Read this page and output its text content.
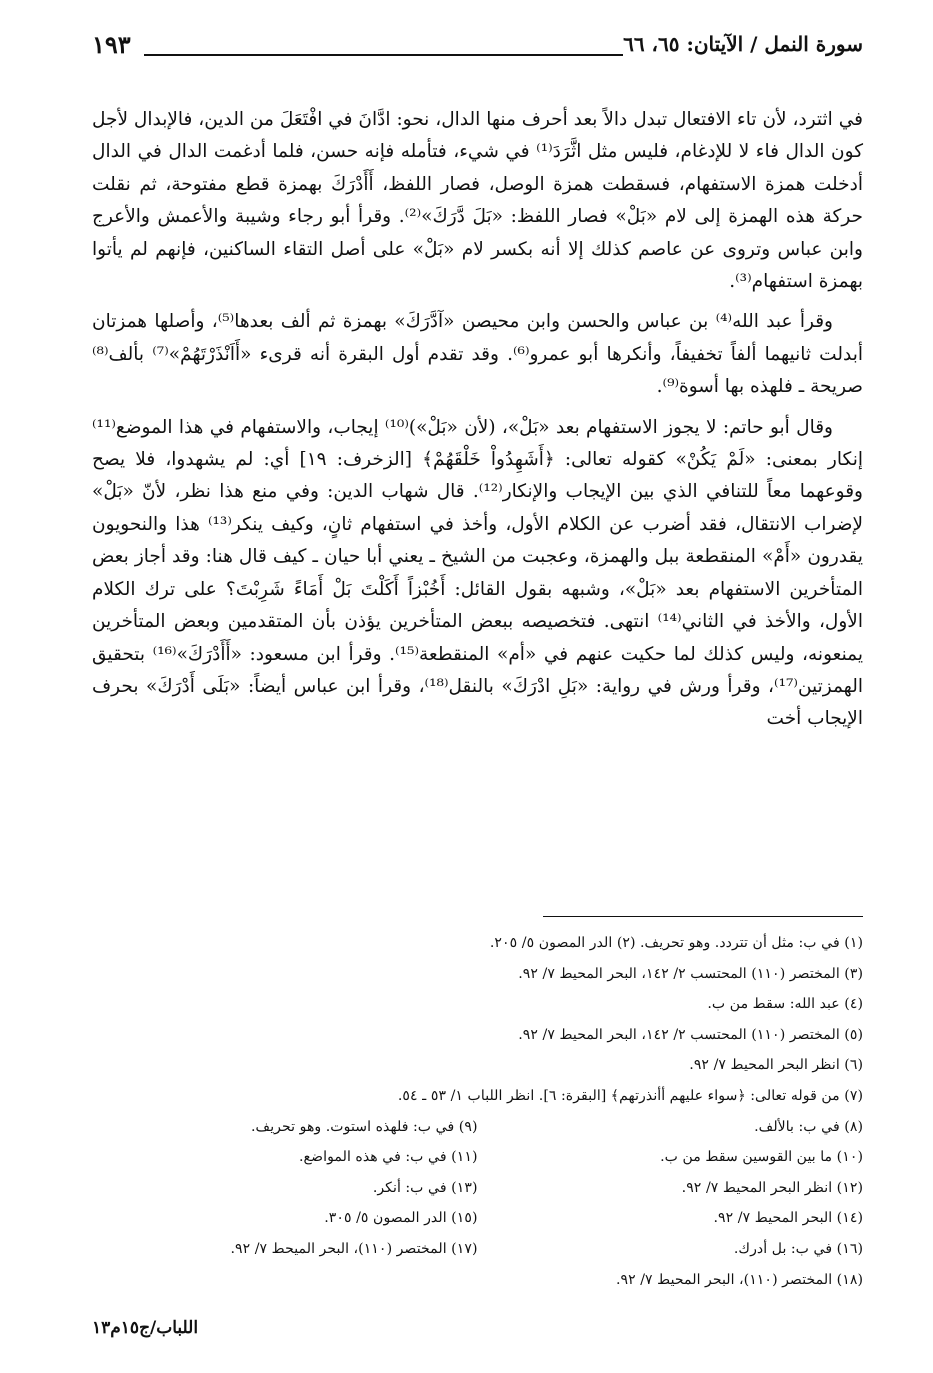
١٩٣	سورة النمل / الآيتان: ٦٥، ٦٦

في اثترد، لأن تاء الافتعال تبدل دالاً بعد أحرف منها الدال، نحو: ادَّانَ في افْتَعَلَ من الدين، فالإبدال لأجل كون الدال فاء لا للإدغام، فليس مثل اثَّرَدَ⁽¹⁾ في شيء، فتأمله فإنه حسن، فلما أدغمت الدال في الدال أدخلت همزة الاستفهام، فسقطت همزة الوصل، فصار اللفظ، أَأَدْرَكَ بهمزة قطع مفتوحة، ثم نقلت حركة هذه الهمزة إلى لام «بَلْ» فصار اللفظ: «بَلَ دَّرَكَ»⁽²⁾. وقرأ أبو رجاء وشيبة والأعمش والأعرج وابن عباس وتروى عن عاصم كذلك إلا أنه بكسر لام «بَلْ» على أصل التقاء الساكنين، فإنهم لم يأتوا بهمزة استفهام⁽³⁾.

وقرأ عبد الله⁽⁴⁾ بن عباس والحسن وابن محيصن «آدَّرَكَ» بهمزة ثم ألف بعدها⁽⁵⁾، وأصلها همزتان أبدلت ثانيهما ألفاً تخفيفاً، وأنكرها أبو عمرو⁽⁶⁾. وقد تقدم أول البقرة أنه قرىء «أَاَنْذَرْتَهُمْ»⁽⁷⁾ بألف⁽⁸⁾ صريحة ـ فلهذه بها أسوة⁽⁹⁾.

وقال أبو حاتم: لا يجوز الاستفهام بعد «بَلْ»، (لأن «بَلْ»)⁽¹⁰⁾ إيجاب، والاستفهام في هذا الموضع⁽¹¹⁾ إنكار بمعنى: «لَمْ يَكُنْ» كقوله تعالى: ﴿أَشَهِدُواْ خَلْقَهُمْ﴾ [الزخرف: ١٩] أي: لم يشهدوا، فلا يصح وقوعهما معاً للتنافي الذي بين الإيجاب والإنكار⁽¹²⁾. قال شهاب الدين: وفي منع هذا نظر، لأنّ «بَلْ» لإضراب الانتقال، فقد أضرب عن الكلام الأول، وأخذ في استفهام ثانٍ، وكيف ينكر⁽¹³⁾ هذا والنحويون يقدرون «أَمْ» المنقطعة ببل والهمزة، وعجبت من الشيخ ـ يعني أبا حيان ـ كيف قال هنا: وقد أجاز بعض المتأخرين الاستفهام بعد «بَلْ»، وشبهه بقول القائل: أَخُبْزاً أَكَلْتَ بَلْ أَمَاءً شَرِبْتَ؟ على ترك الكلام الأول، والأخذ في الثاني⁽¹⁴⁾ انتهى. فتخصيصه ببعض المتأخرين يؤذن بأن المتقدمين وبعض المتأخرين يمنعونه، وليس كذلك لما حكيت عنهم في «أم» المنقطعة⁽¹⁵⁾. وقرأ ابن مسعود: «أَأَدْرَكَ»⁽¹⁶⁾ بتحقيق الهمزتين⁽¹⁷⁾، وقرأ ورش في رواية: «بَلِ ادْرَكَ» بالنقل⁽¹⁸⁾، وقرأ ابن عباس أيضاً: «بَلَى أَدْرَكَ» بحرف الإيجاب أخت

(١) في ب: مثل أن تتردد. وهو تحريف. (٢) الدر المصون ٥/ ٢٠٥.
(٣) المختصر (١١٠) المحتسب ٢/ ١٤٢، البحر المحيط ٧/ ٩٢.
(٤) عبد الله: سقط من ب.
(٥) المختصر (١١٠) المحتسب ٢/ ١٤٢، البحر المحيط ٧/ ٩٢.
(٦) انظر البحر المحيط ٧/ ٩٢.
(٧) من قوله تعالى: ﴿سواء عليهم أأنذرتهم﴾ [البقرة: ٦]. انظر اللباب ١/ ٥٣ ـ ٥٤.
(٨) في ب: بالألف.
(٩) في ب: فلهذه استوت. وهو تحريف.
(١٠) ما بين القوسين سقط من ب.
(١١) في ب: في هذه المواضع.
(١٢) انظر البحر المحيط ٧/ ٩٢.
(١٣) في ب: أنكر.
(١٤) البحر المحيط ٧/ ٩٢.
(١٥) الدر المصون ٥/ ٣٠٥.
(١٦) في ب: بل أدرك.
(١٧) المختصر (١١٠)، البحر الميحط ٧/ ٩٢.
(١٨) المختصر (١١٠)، البحر المحيط ٧/ ٩٢.
اللباب/ج١٥م١٣
